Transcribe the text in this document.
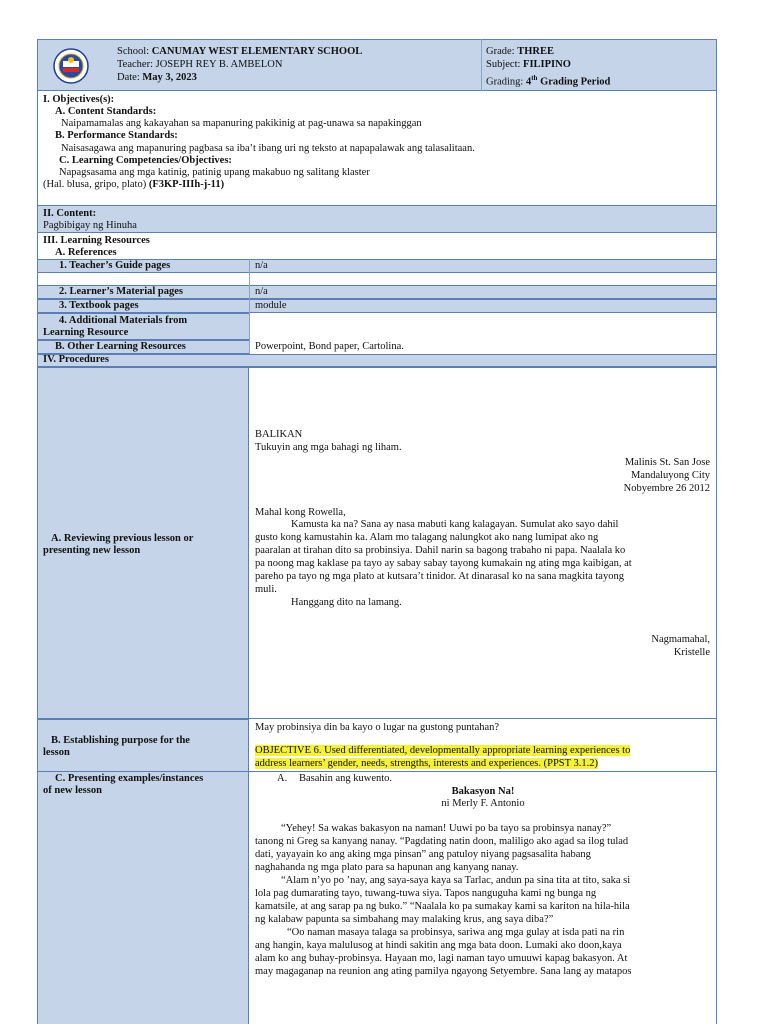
School: CANUMAY WEST ELEMENTARY SCHOOL
Teacher: JOSEPH REY B. AMBELON
Date: May 3, 2023
Grade: THREE
Subject: FILIPINO
Grading: 4th Grading Period
I. Objectives(s):
A. Content Standards:
Naipamamalas ang kakayahan sa mapanuring pakikinig at pag-unawa sa napakinggan
B. Performance Standards:
Naisasagawa ang mapanuring pagbasa sa iba’t ibang uri ng teksto at napapalawak ang talasalitaan.
C. Learning Competencies/Objectives:
Napagsasama ang mga katinig, patinig upang makabuo ng salitang klaster
(Hal. blusa, gripo, plato) (F3KP-IIIh-j-11)
II. Content:
Pagbibigay ng Hinuha
III. Learning Resources
A. References
1. Teacher’s Guide pages	n/a
2. Learner’s Material pages	n/a
3. Textbook pages	module
4. Additional Materials from
Learning Resource
B. Other Learning Resources	Powerpoint, Bond paper, Cartolina.
IV. Procedures
A. Reviewing previous lesson or
presenting new lesson
BALIKAN
Tukuyin ang mga bahagi ng liham.
Malinis St. San Jose
Mandaluyong City
Nobyembre 26 2012
Mahal kong Rowella,
Kamusta ka na? Sana ay nasa mabuti kang kalagayan. Sumulat ako sayo dahil
gusto kong kamustahin ka. Alam mo talagang nalungkot ako nang lumipat ako ng
paaralan at tirahan dito sa probinsiya. Dahil narin sa bagong trabaho ni papa. Naalala ko
pa noong mag kaklase pa tayo ay sabay sabay tayong kumakain ng ating mga kaibigan, at
pareho pa tayo ng mga plato at kutsara’t tinidor. At dinarasal ko na sana magkita tayong
muli.
Hanggang dito na lamang.
Nagmamahal,
Kristelle
B. Establishing purpose for the
lesson
May probinsiya din ba kayo o lugar na gustong puntahan?
OBJECTIVE 6. Used differentiated, developmentally appropriate learning experiences to
address learners’ gender, needs, strengths, interests and experiences. (PPST 3.1.2)
C. Presenting examples/instances
of new lesson
A. Basahin ang kuwento.
Bakasyon Na!
ni Merly F. Antonio
“Yehey! Sa wakas bakasyon na naman! Uuwi po ba tayo sa probinsya nanay?”
tanong ni Greg sa kanyang nanay. “Pagdating natin doon, maliligo ako agad sa ilog tulad
dati, yayayain ko ang aking mga pinsan” ang patuloy niyang pagsasalita habang
naghahanda ng mga plato para sa hapunan ang kanyang nanay.
“Alam n’yo po ’nay, ang saya-saya kaya sa Tarlac, andun pa sina tita at tito, saka si
lola pag dumarating tayo, tuwang-tuwa siya. Tapos nanguguha kami ng bunga ng
kamatsile, at ang sarap pa ng buko.” “Naalala ko pa sumakay kami sa kariton na hila-hila
ng kalabaw papunta sa simbahang may malaking krus, ang saya diba?”
“Oo naman masaya talaga sa probinsya, sariwa ang mga gulay at isda pati na rin
ang hangin, kaya malulusog at hindi sakitin ang mga bata doon. Lumaki ako doon,kaya
alam ko ang buhay-probinsya. Hayaan mo, lagi naman tayo umuuwi kapag bakasyon. At
may magaganap na reunion ang ating pamilya ngayong Setyembre. Sana lang ay matapos
